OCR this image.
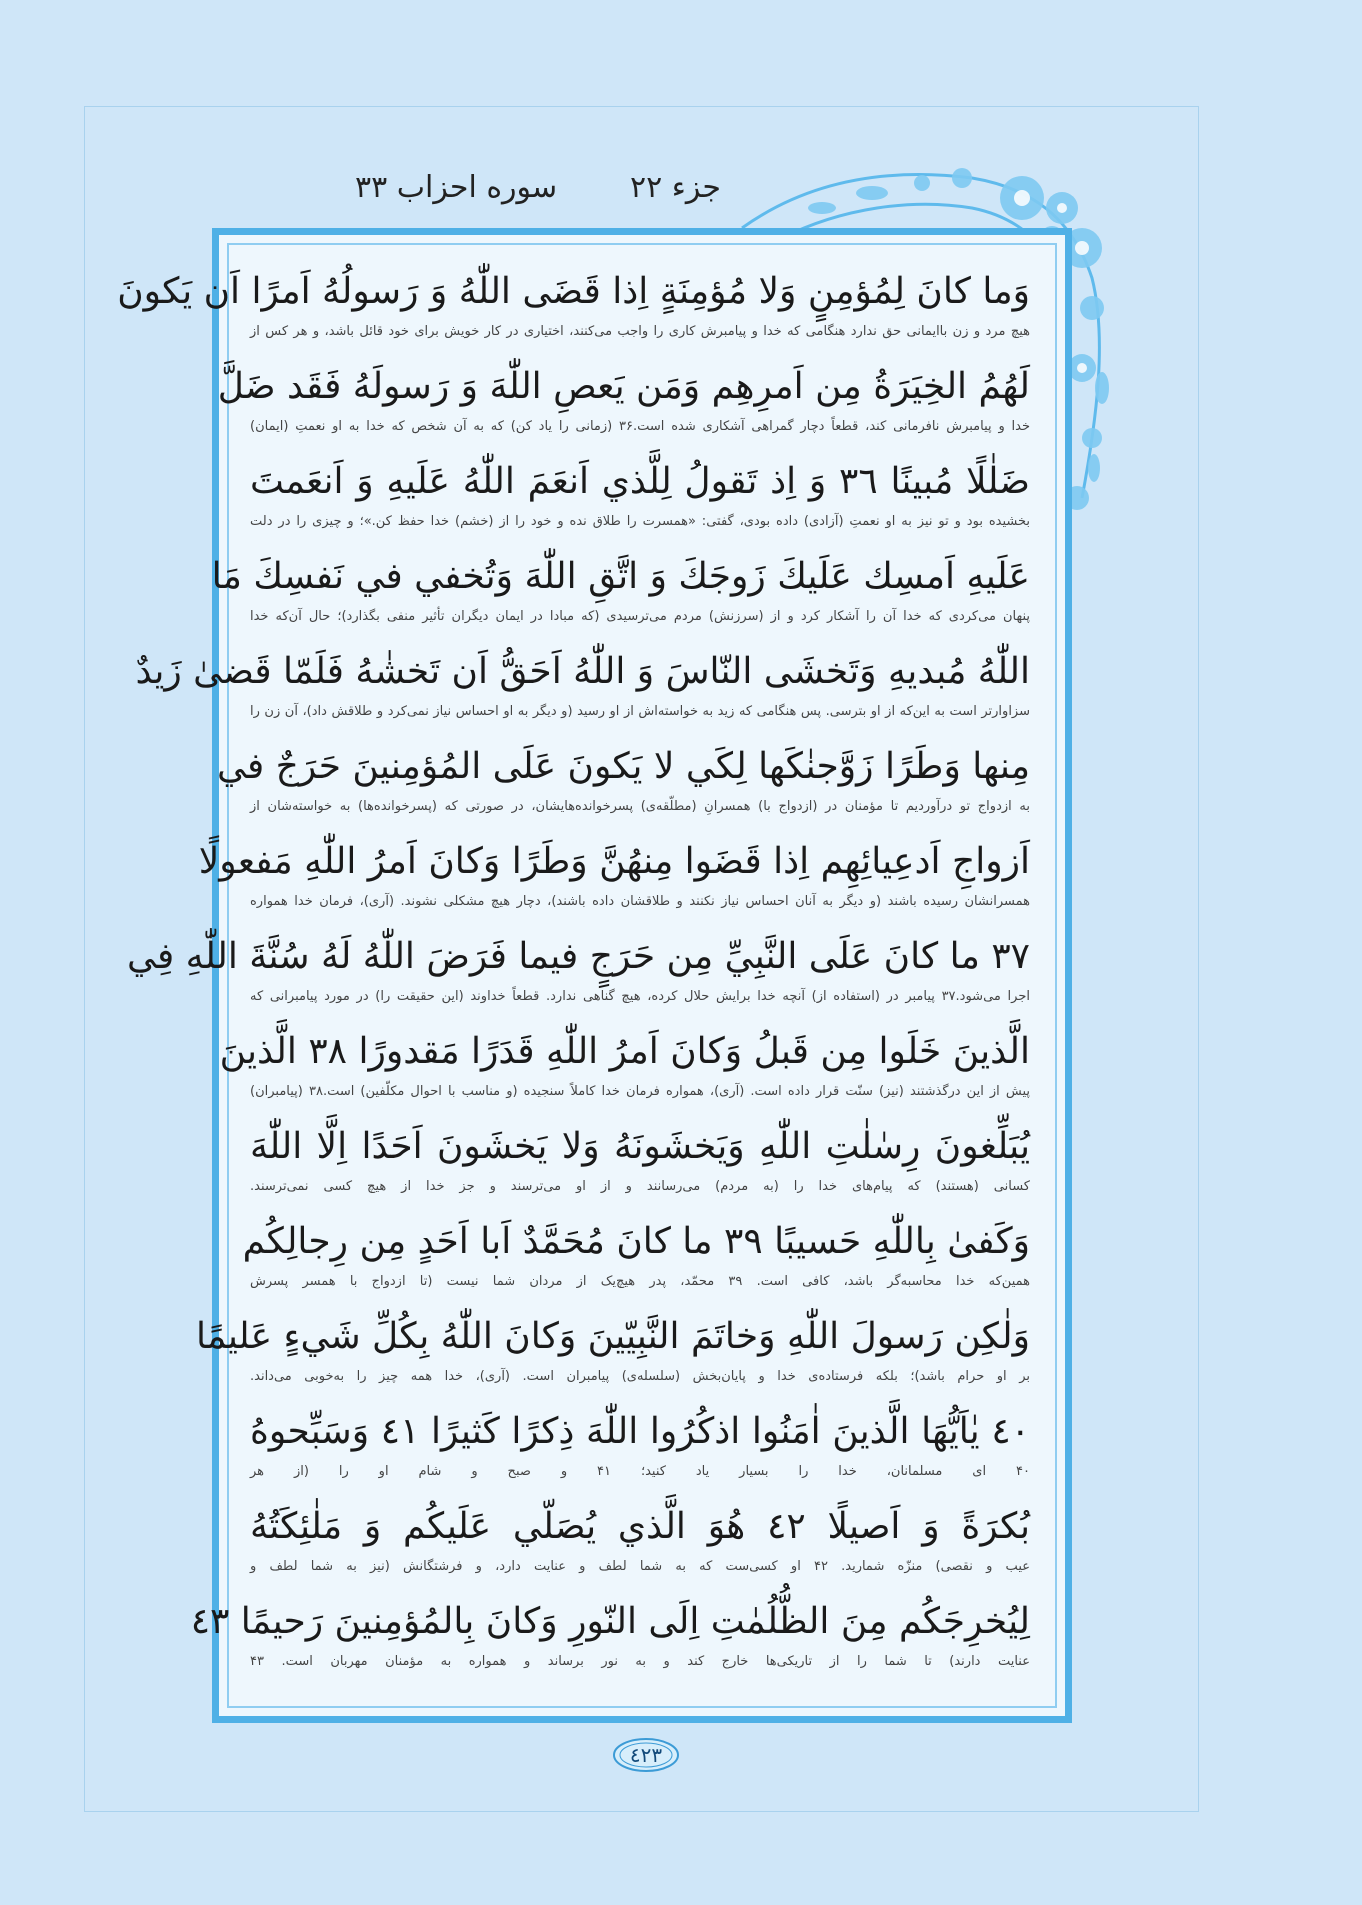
سوره احزاب ٣٣ جزء ٢٢
وَما كانَ لِمُؤمِنٍ وَلا مُؤمِنَةٍ اِذا قَضَى اللّٰهُ وَ رَسولُهُ اَمرًا اَن يَكونَ
هیچ مرد و زن باایمانی حق ندارد هنگامی که خدا و پیامبرش کاری را واجب می‌کنند، اختیاری در کار خویش برای خود قائل باشد، و هر کس از
لَهُمُ الخِيَرَةُ مِن اَمرِهِم وَمَن يَعصِ اللّٰهَ وَ رَسولَهُ فَقَد ضَلَّ
خدا و پیامبرش نافرمانی کند، قطعاً دچار گمراهی آشکاری شده است.۳۶ (زمانی را یاد کن) که به آن شخص که خدا به او نعمتِ (ایمان)
ضَلٰلًا مُبينًا ٣٦ وَ اِذ تَقولُ لِلَّذي اَنعَمَ اللّٰهُ عَلَيهِ وَ اَنعَمتَ
بخشیده بود و تو نیز به او نعمتِ (آزادی) داده بودی، گفتی: «همسرت را طلاق نده و خود را از (خشم) خدا حفظ کن.»؛ و چیزی را در دلت
عَلَيهِ اَمسِك عَلَيكَ زَوجَكَ وَ اتَّقِ اللّٰهَ وَتُخفي في نَفسِكَ مَا
پنهان می‌کردی که خدا آن را آشکار کرد و از (سرزنش) مردم می‌ترسیدی (که مبادا در ایمان دیگران تأثیر منفی بگذارد)؛ حال آن‌که خدا
اللّٰهُ مُبديهِ وَتَخشَى النّاسَ وَ اللّٰهُ اَحَقُّ اَن تَخشٰهُ فَلَمّا قَضىٰ زَيدٌ
سزاوارتر است به این‌که از او بترسی. پس هنگامی که زید به خواسته‌اش از او رسید (و دیگر به او احساس نیاز نمی‌کرد و طلاقش داد)، آن زن را
مِنها وَطَرًا زَوَّجنٰكَها لِكَي لا يَكونَ عَلَى المُؤمِنينَ حَرَجٌ في
به ازدواج تو درآوردیم تا مؤمنان در (ازدواج با) همسرانِ (مطلّقه‌ی) پسرخوانده‌هایشان، در صورتی که (پسرخوانده‌ها) به خواسته‌شان از
اَزواجِ اَدعِيائِهِم اِذا قَضَوا مِنهُنَّ وَطَرًا وَكانَ اَمرُ اللّٰهِ مَفعولًا
همسرانشان رسیده باشند (و دیگر به آنان احساس نیاز نکنند و طلاقشان داده باشند)، دچار هیچ مشکلی نشوند. (آری)، فرمان خدا همواره
٣٧ ما كانَ عَلَى النَّبِيِّ مِن حَرَجٍ فيما فَرَضَ اللّٰهُ لَهُ سُنَّةَ اللّٰهِ فِي
اجرا می‌شود.۳۷ پیامبر در (استفاده از) آنچه خدا برایش حلال کرده، هیچ گناهی ندارد. قطعاً خداوند (این حقیقت را) در مورد پیامبرانی که
الَّذينَ خَلَوا مِن قَبلُ وَكانَ اَمرُ اللّٰهِ قَدَرًا مَقدورًا ٣٨ الَّذينَ
پیش از این درگذشتند (نیز) سنّت قرار داده است. (آری)، همواره فرمان خدا کاملاً سنجیده (و مناسب با احوال مکلّفین) است.۳۸ (پیامبران)
يُبَلِّغونَ رِسٰلٰتِ اللّٰهِ وَيَخشَونَهُ وَلا يَخشَونَ اَحَدًا اِلَّا اللّٰهَ
کسانی (هستند) که پیام‌های خدا را (به مردم) می‌رسانند و از او می‌ترسند و جز خدا از هیچ کسی نمی‌ترسند.
وَكَفىٰ بِاللّٰهِ حَسيبًا ٣٩ ما كانَ مُحَمَّدٌ اَبا اَحَدٍ مِن رِجالِكُم
همین‌که خدا محاسبه‌گر باشد، کافی است. ۳۹ محمّد، پدر هیچ‌یک از مردان شما نیست (تا ازدواج با همسر پسرش
وَلٰكِن رَسولَ اللّٰهِ وَخاتَمَ النَّبِيّينَ وَكانَ اللّٰهُ بِكُلِّ شَيءٍ عَليمًا
بر او حرام باشد)؛ بلکه فرستاده‌ی خدا و پایان‌بخش (سلسله‌ی) پیامبران است. (آری)، خدا همه‌ چیز را به‌خوبی می‌داند.
٤٠ يٰاَيُّهَا الَّذينَ اٰمَنُوا اذكُرُوا اللّٰهَ ذِكرًا كَثيرًا ٤١ وَسَبِّحوهُ
۴۰ ای مسلمانان، خدا را بسیار یاد کنید؛ ۴۱ و صبح و شام او را (از هر
بُكرَةً وَ اَصيلًا ٤٢ هُوَ الَّذي يُصَلّي عَلَيكُم وَ مَلٰئِكَتُهُ
عیب و نقصی) منزّه شمارید. ۴۲ او کسی‌ست که به شما لطف و عنایت دارد، و فرشتگانش (نیز به شما لطف و
لِيُخرِجَكُم مِنَ الظُّلُمٰتِ اِلَى النّورِ وَكانَ بِالمُؤمِنينَ رَحيمًا ٤٣
عنایت دارند) تا شما را از تاریکی‌ها خارج کند و به نور برساند و همواره به مؤمنان مهربان است. ۴۳
٤٢٣
